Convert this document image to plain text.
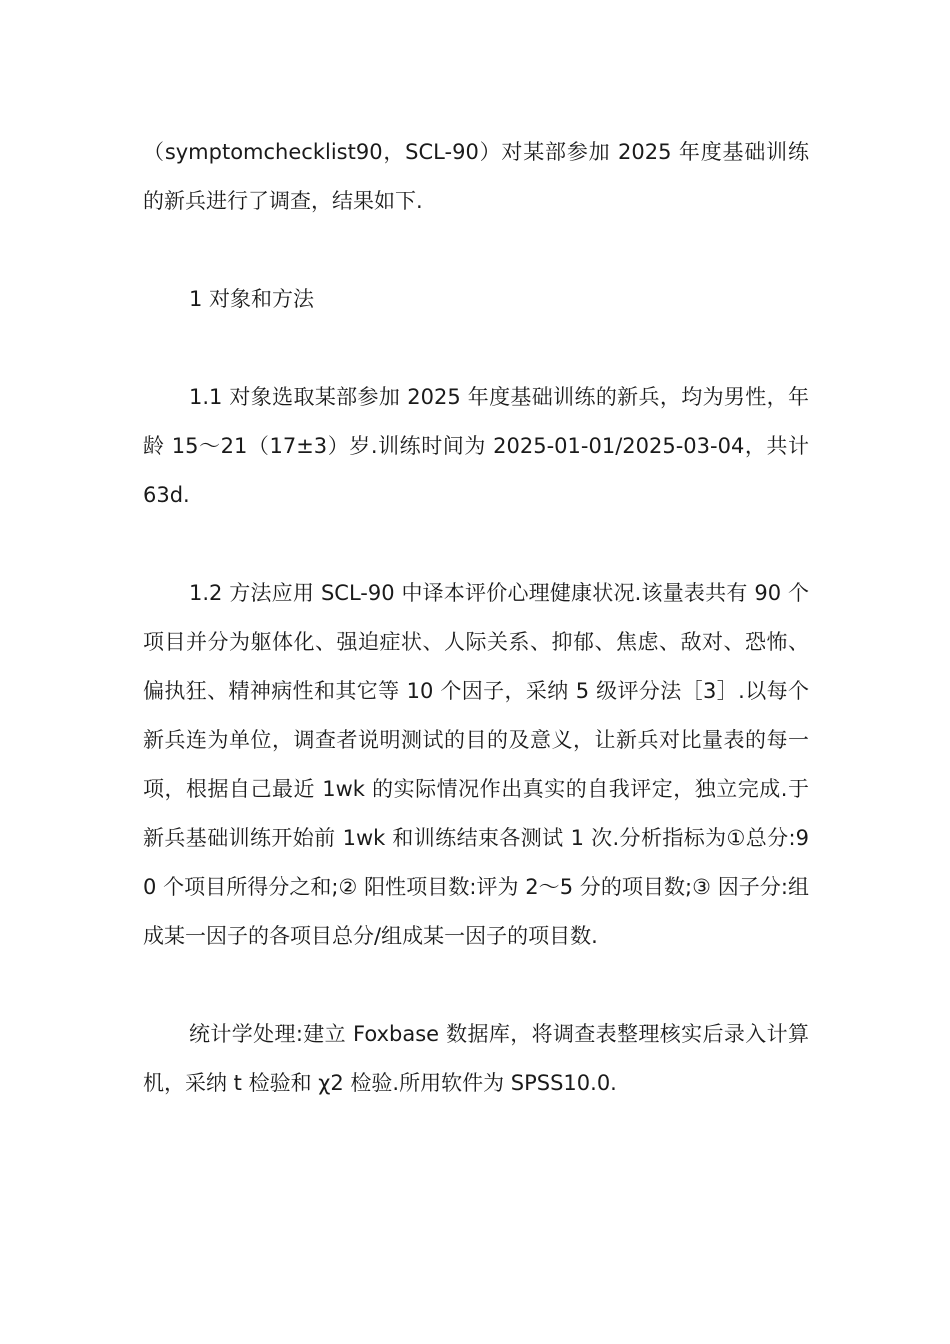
（symptomchecklist90，SCL-90）对某部参加 2025 年度基础训练的新兵进行了调查，结果如下.

1 对象和方法

1.1 对象选取某部参加 2025 年度基础训练的新兵，均为男性，年龄 15～21（17±3）岁.训练时间为 2025-01-01/2025-03-04，共计 63d.

1.2 方法应用 SCL-90 中译本评价心理健康状况.该量表共有 90 个项目并分为躯体化、强迫症状、人际关系、抑郁、焦虑、敌对、恐怖、偏执狂、精神病性和其它等 10 个因子，采纳 5 级评分法［3］.以每个新兵连为单位，调查者说明测试的目的及意义，让新兵对比量表的每一项，根据自己最近 1wk 的实际情况作出真实的自我评定，独立完成.于新兵基础训练开始前 1wk 和训练结束各测试 1 次.分析指标为①总分:90 个项目所得分之和;② 阳性项目数:评为 2～5 分的项目数;③ 因子分:组成某一因子的各项目总分/组成某一因子的项目数.

统计学处理:建立 Foxbase 数据库，将调查表整理核实后录入计算机，采纳 t 检验和 χ2 检验.所用软件为 SPSS10.0.
